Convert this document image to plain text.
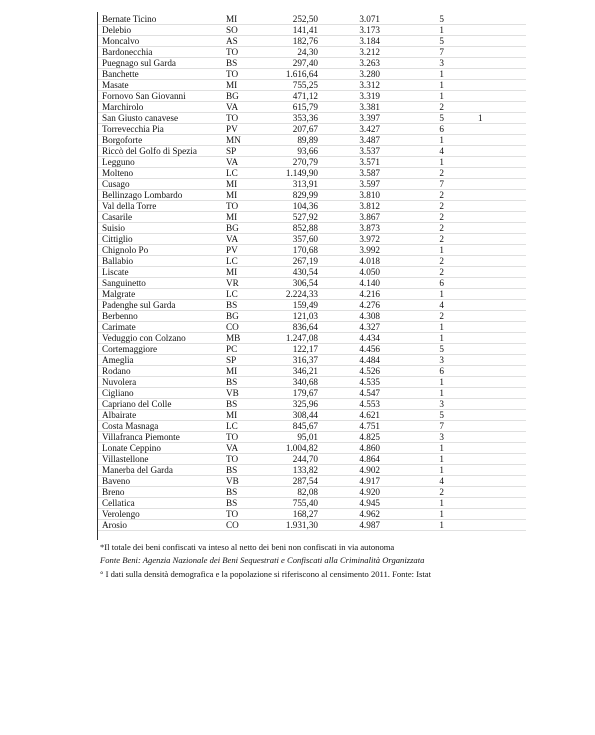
Bernate Ticino	MI	252,50	3.071	5	
Delebio	SO	141,41	3.173	1	
Moncalvo	AS	182,76	3.184	5	
Bardonecchia	TO	24,30	3.212	7	
Puegnago sul Garda	BS	297,40	3.263	3	
Banchette	TO	1.616,64	3.280	1	
Masate	MI	755,25	3.312	1	
Fornovo San Giovanni	BG	471,12	3.319	1	
Marchirolo	VA	615,79	3.381	2	
San Giusto canavese	TO	353,36	3.397	5	1
Torrevecchia Pia	PV	207,67	3.427	6	
Borgoforte	MN	89,89	3.487	1	
Riccò del Golfo di Spezia	SP	93,66	3.537	4	
Legguno	VA	270,79	3.571	1	
Molteno	LC	1.149,90	3.587	2	
Cusago	MI	313,91	3.597	7	
Bellinzago Lombardo	MI	829,99	3.810	2	
Val della Torre	TO	104,36	3.812	2	
Casarile	MI	527,92	3.867	2	
Suisio	BG	852,88	3.873	2	
Cittiglio	VA	357,60	3.972	2	
Chignolo Po	PV	170,68	3.992	1	
Ballabio	LC	267,19	4.018	2	
Liscate	MI	430,54	4.050	2	
Sanguinetto	VR	306,54	4.140	6	
Malgrate	LC	2.224,33	4.216	1	
Padenghe sul Garda	BS	159,49	4.276	4	
Berbenno	BG	121,03	4.308	2	
Carimate	CO	836,64	4.327	1	
Veduggio con Colzano	MB	1.247,08	4.434	1	
Cortemaggiore	PC	122,17	4.456	5	
Ameglia	SP	316,37	4.484	3	
Rodano	MI	346,21	4.526	6	
Nuvolera	BS	340,68	4.535	1	
Cigliano	VB	179,67	4.547	1	
Capriano del Colle	BS	325,96	4.553	3	
Albairate	MI	308,44	4.621	5	
Costa Masnaga	LC	845,67	4.751	7	
Villafranca Piemonte	TO	95,01	4.825	3	
Lonate Ceppino	VA	1.004,82	4.860	1	
Villastellone	TO	244,70	4.864	1	
Manerba del Garda	BS	133,82	4.902	1	
Baveno	VB	287,54	4.917	4	
Breno	BS	82,08	4.920	2	
Cellatica	BS	755,40	4.945	1	
Verolengo	TO	168,27	4.962	1	
Arosio	CO	1.931,30	4.987	1	
*Il totale dei beni confiscati va inteso al netto dei beni non confiscati in via autonoma
Fonte Beni: Agenzia Nazionale dei Beni Sequestrati e Confiscati alla Criminalità Organizzata
° I dati sulla densità demografica e la popolazione si riferiscono al censimento 2011. Fonte: Istat
